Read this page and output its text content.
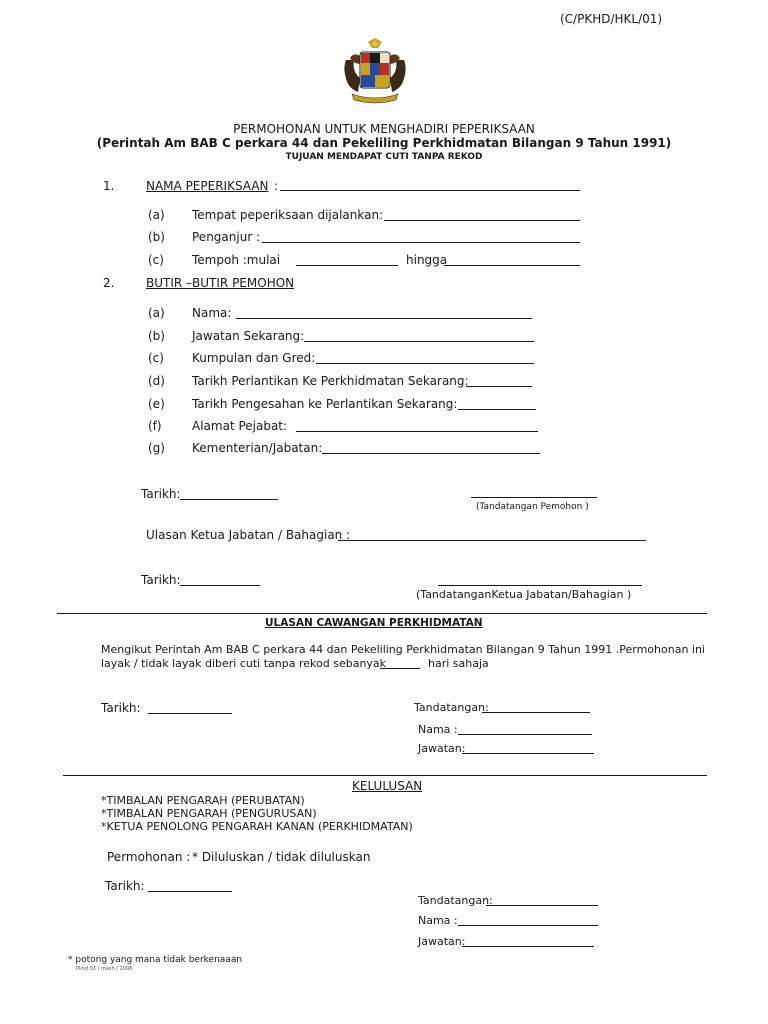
(C/PKHD/HKL/01)
PERMOHONAN UNTUK MENGHADIRI PEPERIKSAAN
(Perintah Am BAB C perkara 44 dan Pekeliling Perkhidmatan Bilangan 9 Tahun 1991)
TUJUAN MENDAPAT CUTI TANPA REKOD
1.	NAMA PEPERIKSAAN :
(a) Tempat peperiksaan dijalankan:
(b) Penganjur :
(c) Tempoh :mulai	hingga
2.	BUTIR –BUTIR PEMOHON
(a) Nama:
(b) Jawatan Sekarang:
(c) Kumpulan dan Gred:
(d) Tarikh Perlantikan Ke Perkhidmatan Sekarang:
(e) Tarikh Pengesahan ke Perlantikan Sekarang:
(f)	Alamat Pejabat:
(g) Kementerian/Jabatan:
Tarikh:
(Tandatangan Pemohon )
Ulasan Ketua Jabatan / Bahagian :
Tarikh:
(TandatanganKetua Jabatan/Bahagian )
ULASAN CAWANGAN PERKHIDMATAN
Mengikut Perintah Am BAB C perkara 44 dan Pekeliling Perkhidmatan Bilangan 9 Tahun 1991 .Permohonan ini
layak / tidak layak diberi cuti tanpa rekod sebanyak	hari sahaja
Tarikh:	Tandatangan:
Nama :
Jawatan:
KELULUSAN
*TIMBALAN PENGARAH (PERUBATAN)
*TIMBALAN PENGARAH (PENGURUSAN)
*KETUA PENOLONG PENGARAH KANAN (PERKHIDMATAN)
Permohonan : * Diluluskan / tidak diluluskan
Tarikh:
Tandatangan:
Nama :
Jawatan:
* potong yang mana tidak berkenaaan
Pkhd 01 / mash / 2008
